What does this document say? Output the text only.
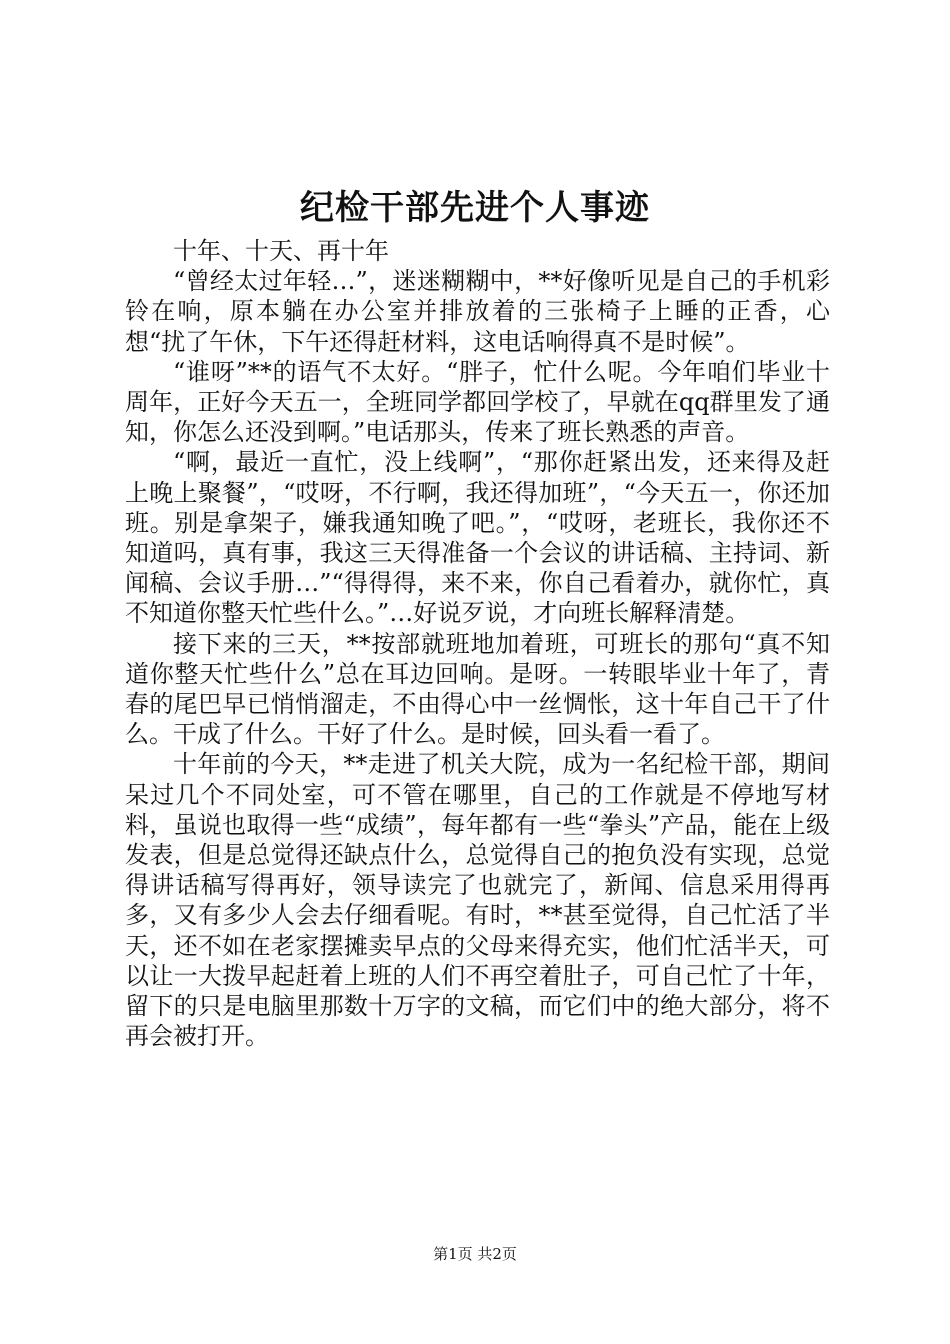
纪检干部先进个人事迹

十年、十天、再十年

“曾经太过年轻…”，迷迷糊糊中，**好像听见是自己的手机彩铃在响，原本躺在办公室并排放着的三张椅子上睡的正香，心想“扰了午休，下午还得赶材料，这电话响得真不是时候”。

“谁呀”**的语气不太好。“胖子，忙什么呢。今年咱们毕业十周年，正好今天五一，全班同学都回学校了，早就在qq群里发了通知，你怎么还没到啊。”电话那头，传来了班长熟悉的声音。

“啊，最近一直忙，没上线啊”，“那你赶紧出发，还来得及赶上晚上聚餐”，“哎呀，不行啊，我还得加班”，“今天五一，你还加班。别是拿架子，嫌我通知晚了吧。”，“哎呀，老班长，我你还不知道吗，真有事，我这三天得准备一个会议的讲话稿、主持词、新闻稿、会议手册…”“得得得，来不来，你自己看着办，就你忙，真不知道你整天忙些什么。”…好说歹说，才向班长解释清楚。

接下来的三天，**按部就班地加着班，可班长的那句“真不知道你整天忙些什么”总在耳边回响。是呀。一转眼毕业十年了，青春的尾巴早已悄悄溜走，不由得心中一丝惆怅，这十年自己干了什么。干成了什么。干好了什么。是时候，回头看一看了。

十年前的今天，**走进了机关大院，成为一名纪检干部，期间呆过几个不同处室，可不管在哪里，自己的工作就是不停地写材料，虽说也取得一些“成绩”，每年都有一些“拳头”产品，能在上级发表，但是总觉得还缺点什么，总觉得自己的抱负没有实现，总觉得讲话稿写得再好，领导读完了也就完了，新闻、信息采用得再多，又有多少人会去仔细看呢。有时，**甚至觉得，自己忙活了半天，还不如在老家摆摊卖早点的父母来得充实，他们忙活半天，可以让一大拨早起赶着上班的人们不再空着肚子，可自己忙了十年，留下的只是电脑里那数十万字的文稿，而它们中的绝大部分，将不再会被打开。

第1页 共2页
